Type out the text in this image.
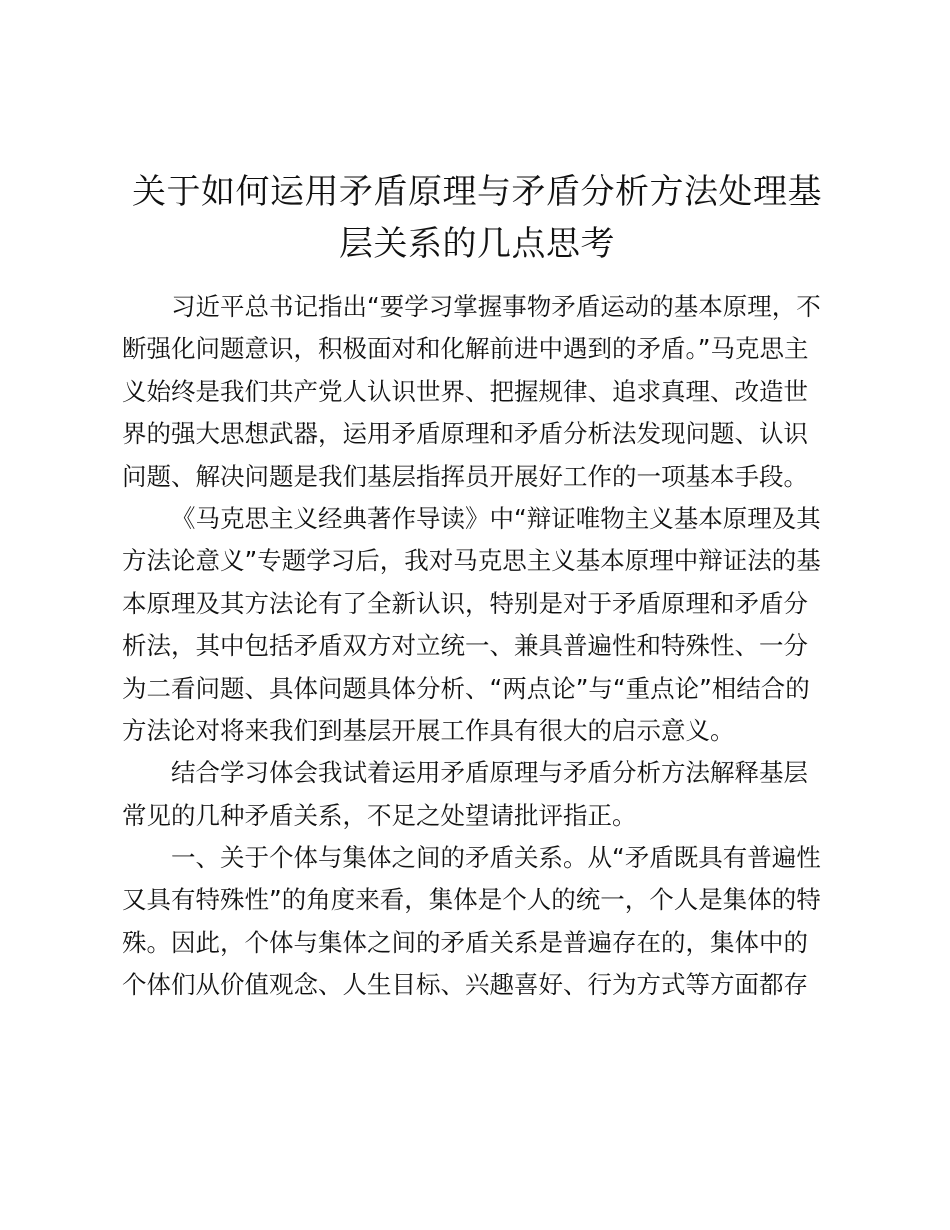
关于如何运用矛盾原理与矛盾分析方法处理基
层关系的几点思考

习近平总书记指出“要学习掌握事物矛盾运动的基本原理，不
断强化问题意识，积极面对和化解前进中遇到的矛盾。”马克思主
义始终是我们共产党人认识世界、把握规律、追求真理、改造世
界的强大思想武器，运用矛盾原理和矛盾分析法发现问题、认识
问题、解决问题是我们基层指挥员开展好工作的一项基本手段。

《马克思主义经典著作导读》中“辩证唯物主义基本原理及其
方法论意义”专题学习后，我对马克思主义基本原理中辩证法的基
本原理及其方法论有了全新认识，特别是对于矛盾原理和矛盾分
析法，其中包括矛盾双方对立统一、兼具普遍性和特殊性、一分
为二看问题、具体问题具体分析、“两点论”与“重点论”相结合的
方法论对将来我们到基层开展工作具有很大的启示意义。

结合学习体会我试着运用矛盾原理与矛盾分析方法解释基层
常见的几种矛盾关系，不足之处望请批评指正。

一、关于个体与集体之间的矛盾关系。从“矛盾既具有普遍性
又具有特殊性”的角度来看，集体是个人的统一，个人是集体的特
殊。因此，个体与集体之间的矛盾关系是普遍存在的，集体中的
个体们从价值观念、人生目标、兴趣喜好、行为方式等方面都存
